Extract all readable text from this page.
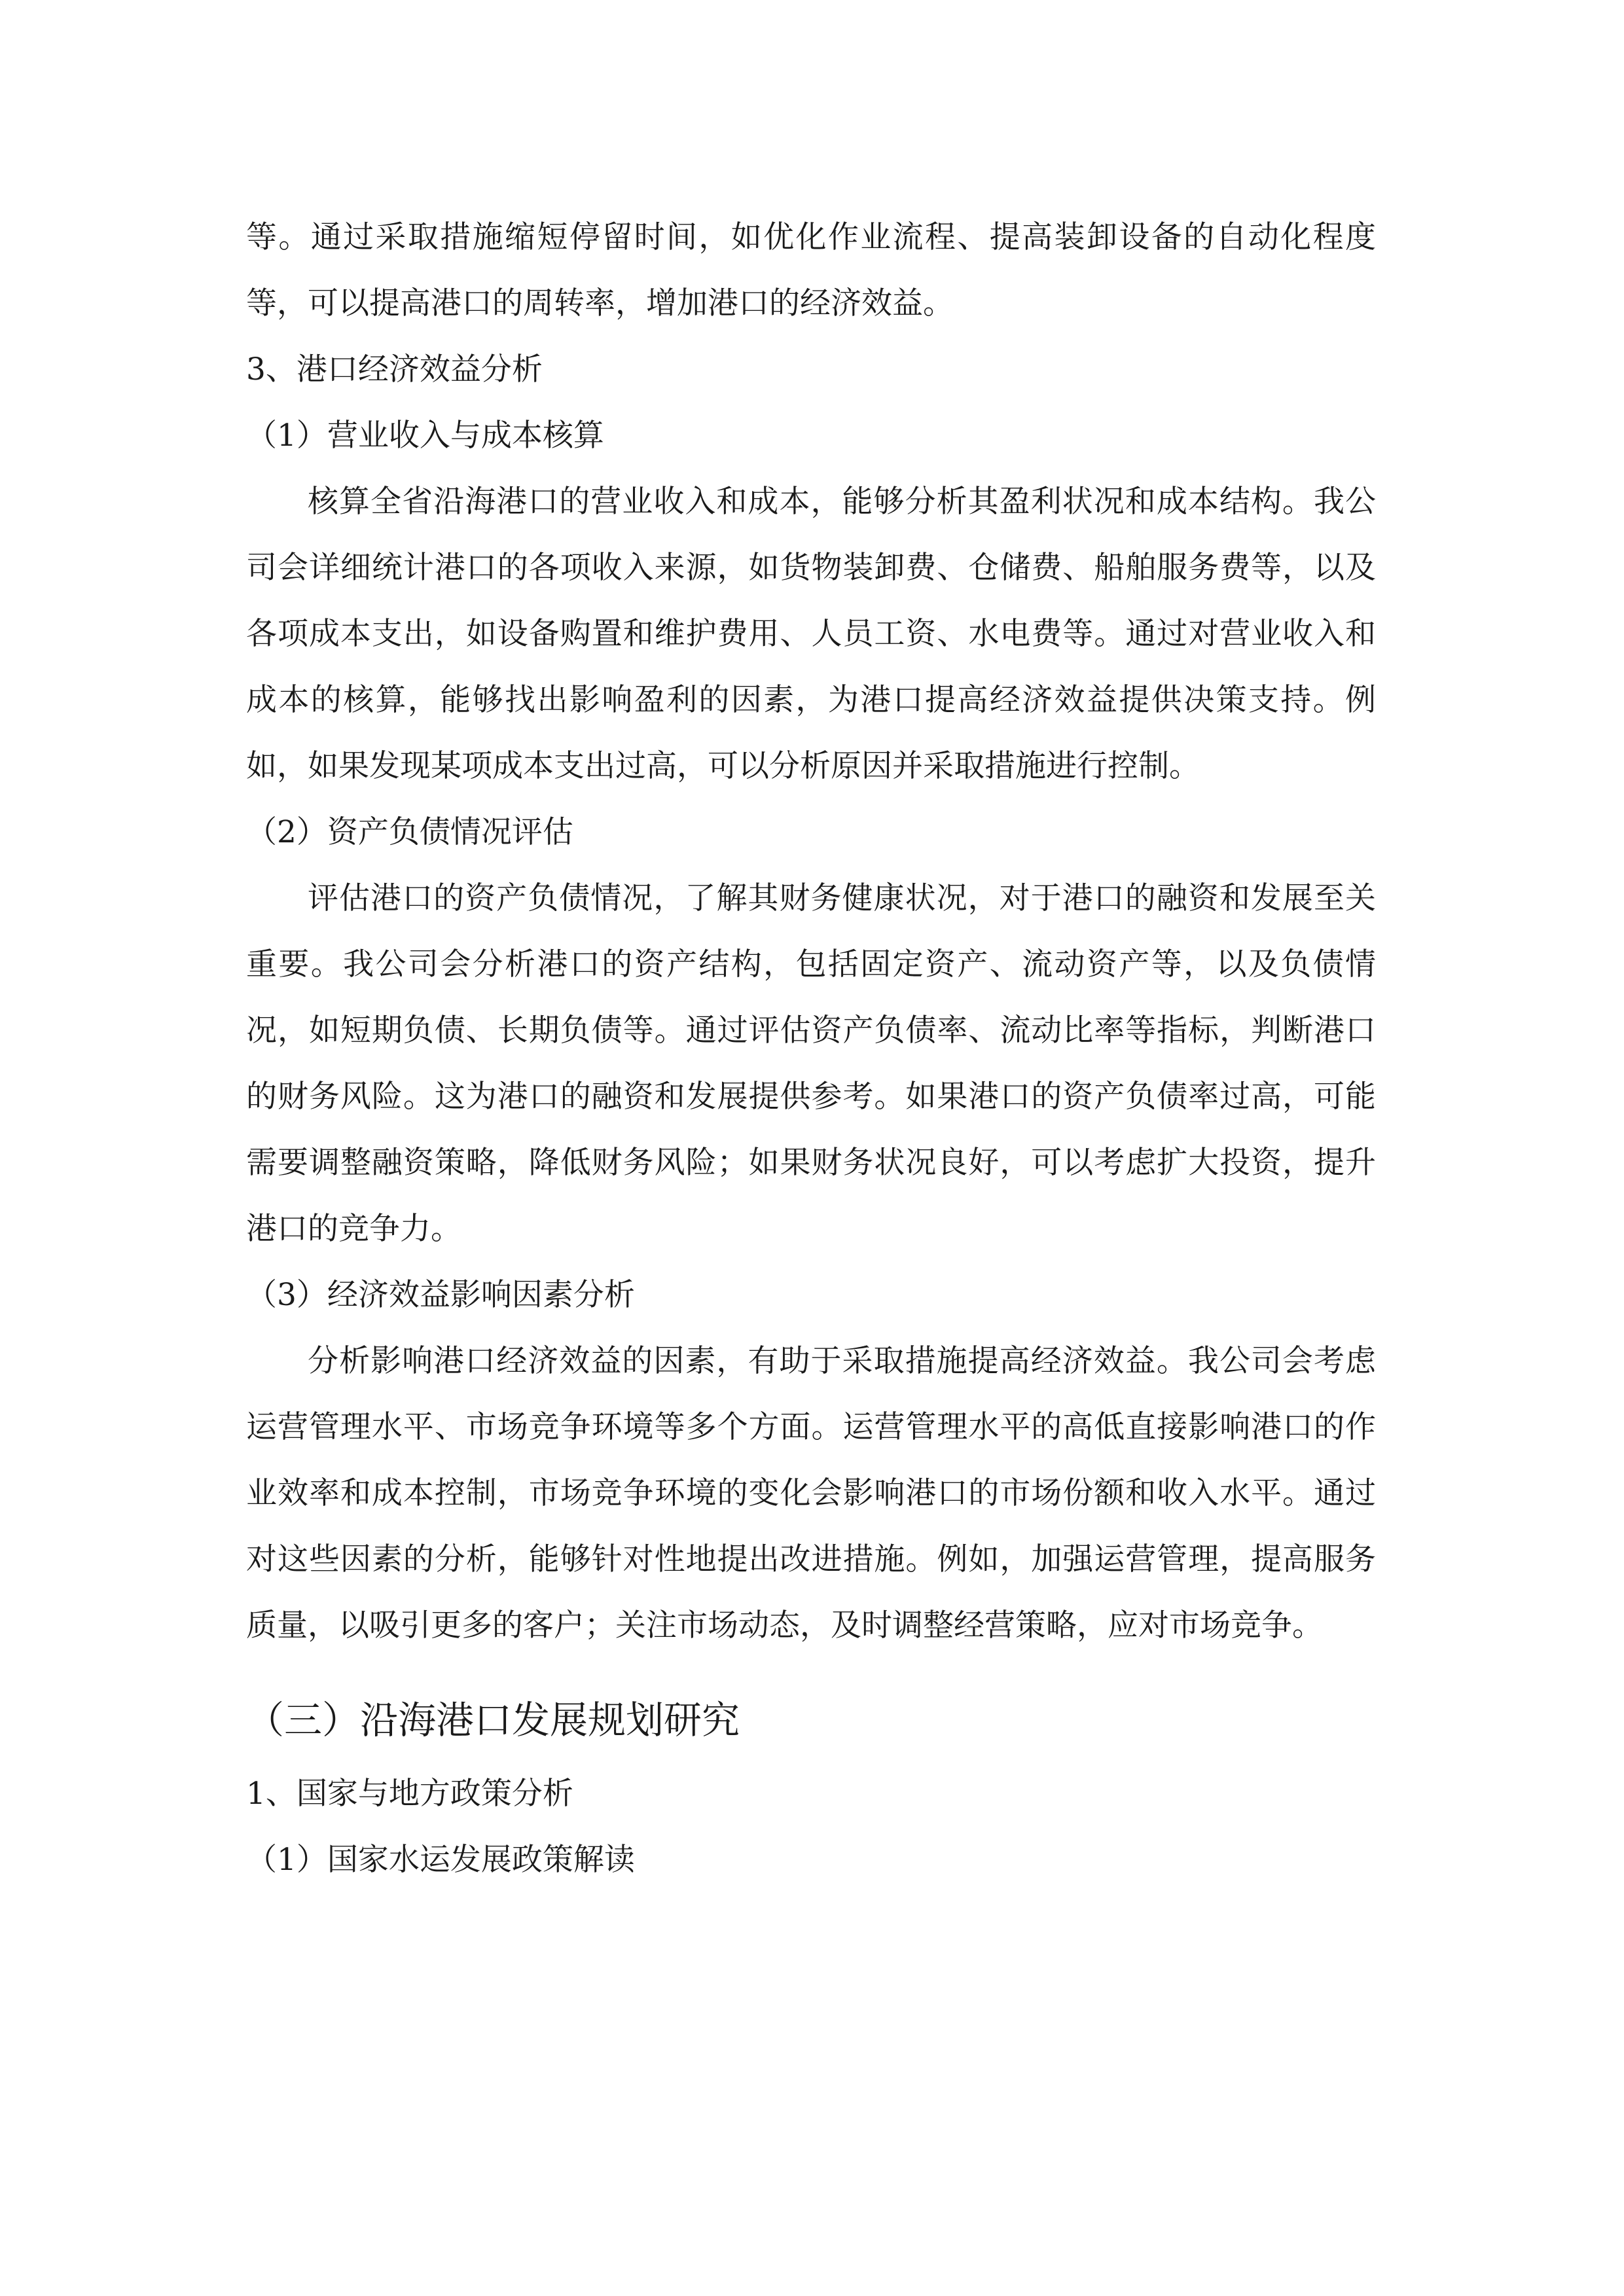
等。通过采取措施缩短停留时间，如优化作业流程、提高装卸设备的自动化程度等，可以提高港口的周转率，增加港口的经济效益。

3、港口经济效益分析

（1）营业收入与成本核算

核算全省沿海港口的营业收入和成本，能够分析其盈利状况和成本结构。我公司会详细统计港口的各项收入来源，如货物装卸费、仓储费、船舶服务费等，以及各项成本支出，如设备购置和维护费用、人员工资、水电费等。通过对营业收入和成本的核算，能够找出影响盈利的因素，为港口提高经济效益提供决策支持。例如，如果发现某项成本支出过高，可以分析原因并采取措施进行控制。

（2）资产负债情况评估

评估港口的资产负债情况，了解其财务健康状况，对于港口的融资和发展至关重要。我公司会分析港口的资产结构，包括固定资产、流动资产等，以及负债情况，如短期负债、长期负债等。通过评估资产负债率、流动比率等指标，判断港口的财务风险。这为港口的融资和发展提供参考。如果港口的资产负债率过高，可能需要调整融资策略，降低财务风险；如果财务状况良好，可以考虑扩大投资，提升港口的竞争力。

（3）经济效益影响因素分析

分析影响港口经济效益的因素，有助于采取措施提高经济效益。我公司会考虑运营管理水平、市场竞争环境等多个方面。运营管理水平的高低直接影响港口的作业效率和成本控制，市场竞争环境的变化会影响港口的市场份额和收入水平。通过对这些因素的分析，能够针对性地提出改进措施。例如，加强运营管理，提高服务质量，以吸引更多的客户；关注市场动态，及时调整经营策略，应对市场竞争。

（三）沿海港口发展规划研究

1、国家与地方政策分析

（1）国家水运发展政策解读
